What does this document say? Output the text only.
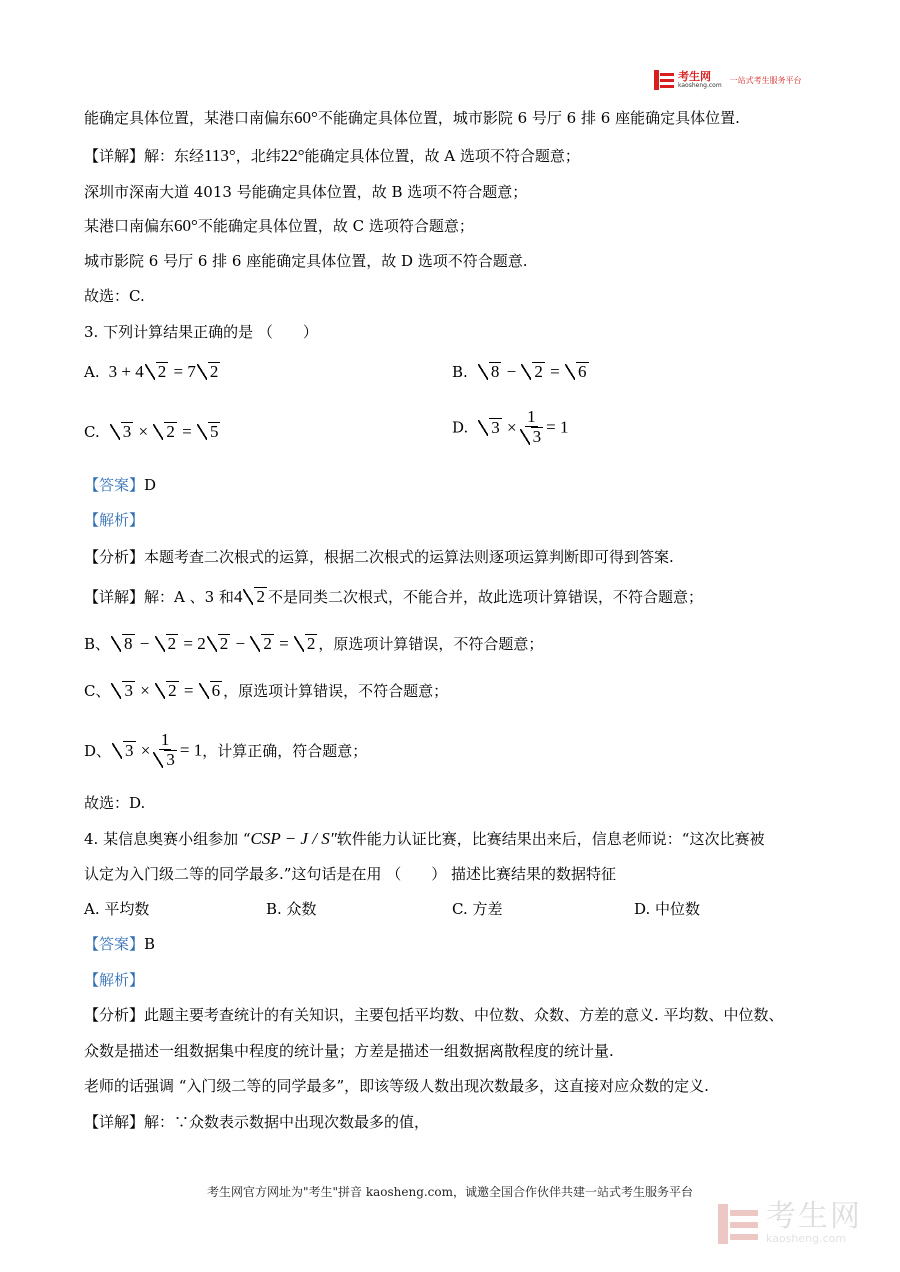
考生网
kaosheng.com
一站式考生服务平台
能确定具体位置，某港口南偏东60°不能确定具体位置，城市影院 6 号厅 6 排 6 座能确定具体位置.
【详解】解：东经113°，北纬22°能确定具体位置，故 A 选项不符合题意；
深圳市深南大道 4013 号能确定具体位置，故 B 选项不符合题意；
某港口南偏东60°不能确定具体位置，故 C 选项符合题意；
城市影院 6 号厅 6 排 6 座能确定具体位置，故 D 选项不符合题意.
故选：C.
3. 下列计算结果正确的是 （　　）
A.  3 + 4 2 = 7 2	B. 8 − 2 = 6
C. 3 × 2 = 5	D. $3 \times \frac{1}{3} = 1$
【答案】D
【解析】
【分析】本题考查二次根式的运算，根据二次根式的运算法则逐项运算判断即可得到答案.
【详解】解：A 、3 和4 2 不是同类二次根式，不能合并，故此选项计算错误，不符合题意；
B、 8 − 2 = 2 2 − 2 = 2 ，原选项计算错误，不符合题意；
C、 3 × 2 = 6 ，原选项计算错误，不符合题意；
D、 $3 \times \frac{1}{3} = 1$，计算正确，符合题意；
故选：D.
4. 某信息奥赛小组参加 “CSP − J / S″软件能力认证比赛，比赛结果出来后，信息老师说：“这次比赛被
认定为入门级二等的同学最多.”这句话是在用 （　　） 描述比赛结果的数据特征
A. 平均数	B. 众数	C. 方差	D. 中位数
【答案】B
【解析】
【分析】此题主要考查统计的有关知识，主要包括平均数、中位数、众数、方差的意义. 平均数、中位数、
众数是描述一组数据集中程度的统计量；方差是描述一组数据离散程度的统计量.
老师的话强调 “入门级二等的同学最多”，即该等级人数出现次数最多，这直接对应众数的定义.
【详解】解：∵众数表示数据中出现次数最多的值，
考生网官方网址为"考生"拼音 kaosheng.com，诚邀全国合作伙伴共建一站式考生服务平台
考生网
kaosheng.com
